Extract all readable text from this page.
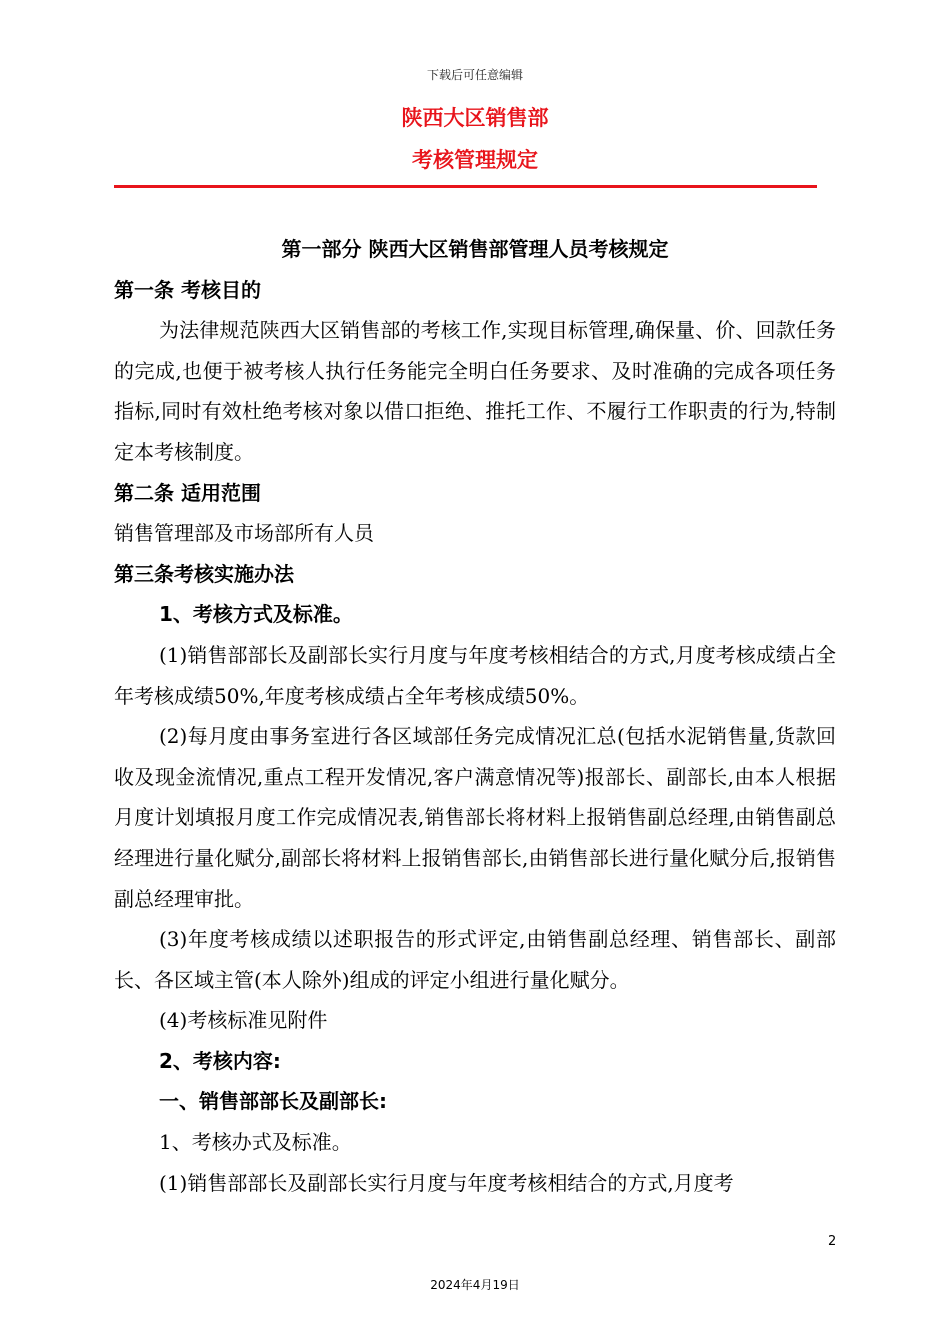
下载后可任意编辑
陕西大区销售部
考核管理规定

第一部分 陕西大区销售部管理人员考核规定

第一条 考核目的

为法律规范陕西大区销售部的考核工作,实现目标管理,确保量、价、回款任务的完成,也便于被考核人执行任务能完全明白任务要求、及时准确的完成各项任务指标,同时有效杜绝考核对象以借口拒绝、推托工作、不履行工作职责的行为,特制定本考核制度。

第二条 适用范围

销售管理部及市场部所有人员

第三条考核实施办法

1、考核方式及标准。

(1)销售部部长及副部长实行月度与年度考核相结合的方式,月度考核成绩占全年考核成绩50%,年度考核成绩占全年考核成绩50%。

(2)每月度由事务室进行各区域部任务完成情况汇总(包括水泥销售量,货款回收及现金流情况,重点工程开发情况,客户满意情况等)报部长、副部长,由本人根据月度计划填报月度工作完成情况表,销售部长将材料上报销售副总经理,由销售副总经理进行量化赋分,副部长将材料上报销售部长,由销售部长进行量化赋分后,报销售副总经理审批。

(3)年度考核成绩以述职报告的形式评定,由销售副总经理、销售部长、副部长、各区域主管(本人除外)组成的评定小组进行量化赋分。

(4)考核标准见附件

2、考核内容:

一、销售部部长及副部长:

1、考核办式及标准。

(1)销售部部长及副部长实行月度与年度考核相结合的方式,月度考

2
2024年4月19日
